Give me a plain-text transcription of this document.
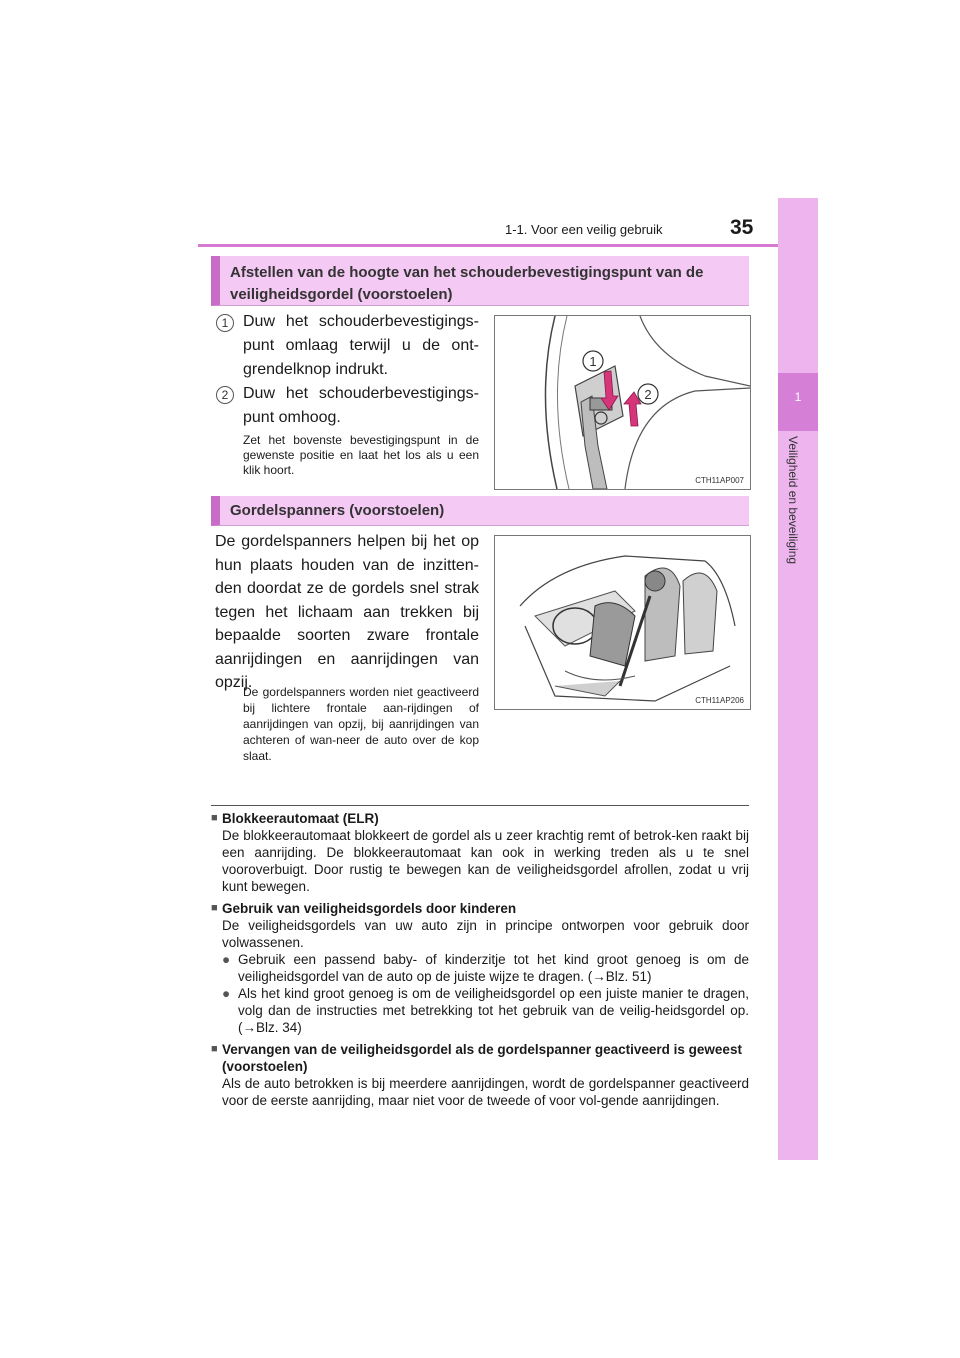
1-1. Voor een veilig gebruik	35
1
Veiligheid en beveiliging
Afstellen van de hoogte van het schouderbevestigingspunt van de veiligheidsgordel (voorstoelen)
1 Duw het schouderbevestigings-punt omlaag terwijl u de ont-grendelknop indrukt.
2 Duw het schouderbevestigings-punt omhoog.
Zet het bovenste bevestigingspunt in de gewenste positie en laat het los als u een klik hoort.
1
2
CTH11AP007
Gordelspanners (voorstoelen)
De gordelspanners helpen bij het op hun plaats houden van de inzitten-den doordat ze de gordels snel strak tegen het lichaam aan trekken bij bepaalde soorten zware frontale aanrijdingen en aanrijdingen van opzij.
De gordelspanners worden niet geactiveerd bij lichtere frontale aan-rijdingen of aanrijdingen van opzij, bij aanrijdingen van achteren of wan-neer de auto over de kop slaat.
CTH11AP206
■ Blokkeerautomaat (ELR)
De blokkeerautomaat blokkeert de gordel als u zeer krachtig remt of betrok-ken raakt bij een aanrijding. De blokkeerautomaat kan ook in werking treden als u te snel vooroverbuigt. Door rustig te bewegen kan de veiligheidsgordel afrollen, zodat u vrij kunt bewegen.
■ Gebruik van veiligheidsgordels door kinderen
De veiligheidsgordels van uw auto zijn in principe ontworpen voor gebruik door volwassenen.
● Gebruik een passend baby- of kinderzitje tot het kind groot genoeg is om de veiligheidsgordel van de auto op de juiste wijze te dragen. (→Blz. 51)
● Als het kind groot genoeg is om de veiligheidsgordel op een juiste manier te dragen, volg dan de instructies met betrekking tot het gebruik van de veilig-heidsgordel op. (→Blz. 34)
■ Vervangen van de veiligheidsgordel als de gordelspanner geactiveerd is geweest (voorstoelen)
Als de auto betrokken is bij meerdere aanrijdingen, wordt de gordelspanner geactiveerd voor de eerste aanrijding, maar niet voor de tweede of voor vol-gende aanrijdingen.
